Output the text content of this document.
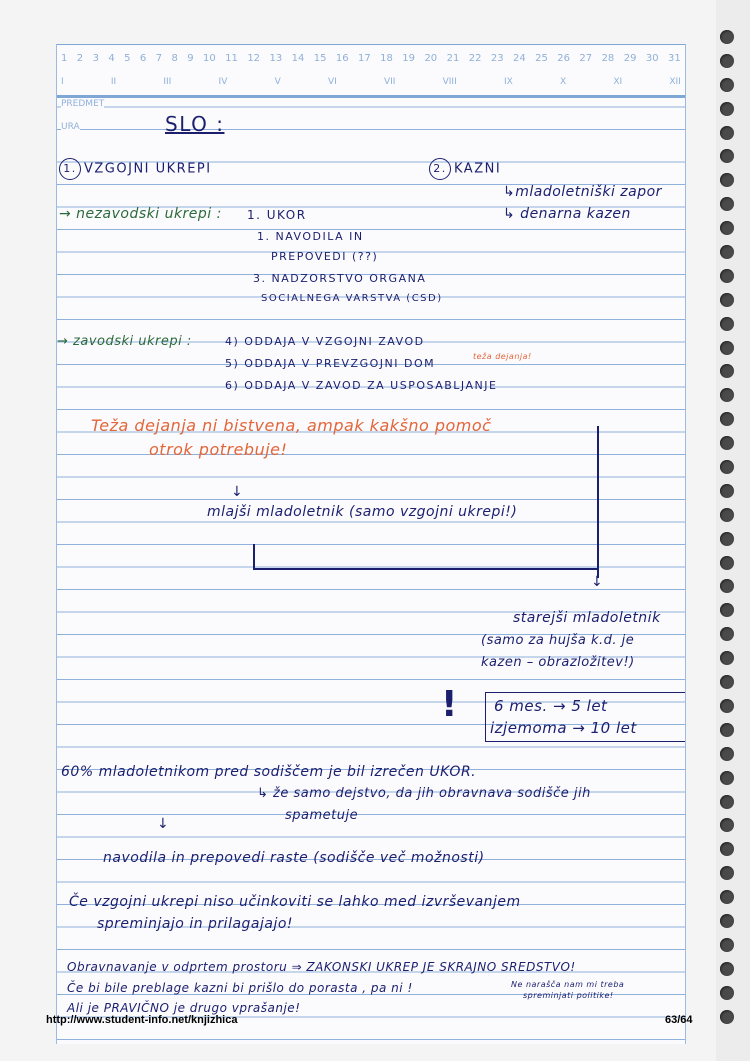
1 2 3 4 5 6 7 8 9 10 11 12 13 14 15 16 17 18 19 20 21 22 23 24 25 26 27 28 29 30 31
I	II	III	IV	V	VI	VII	VIII	IX	X	XI	XII
PREDMET
URA	SLO :
1. VZGOJNI UKREPI	2. KAZNI
↳mladoletniški zapor
↳ denarna kazen
→ nezavodski ukrepi : 1. UKOR
1. NAVODILA IN
PREPOVEDI (??)
3. NADZORSTVO ORGANA
SOCIALNEGA VARSTVA (CSD)
→ zavodski ukrepi :	4) ODDAJA V VZGOJNI ZAVOD
5) ODDAJA V PREVZGOJNI DOM
teža dejanja!
6) ODDAJA V ZAVOD ZA USPOSABLJANJE
Teža dejanja ni bistvena, ampak kakšno pomoč
otrok potrebuje!
↓
↓
mlajši mladoletnik (samo vzgojni ukrepi!)
starejši mladoletnik
(samo za hujša k.d. je
kazen – obrazložitev!)
! 6 mes. → 5 let
izjemoma → 10 let
60% mladoletnikom pred sodiščem je bil izrečen UKOR.
↳ že samo dejstvo, da jih obravnava sodišče jih
spametuje
↓
navodila in prepovedi raste (sodišče več možnosti)
Če vzgojni ukrepi niso učinkoviti se lahko med izvrševanjem
spreminjajo in prilagajajo!
Obravnavanje v odprtem prostoru ⇒ ZAKONSKI UKREP JE SKRAJNO SREDSTVO!
Če bi bile preblage kazni bi prišlo do porasta , pa ni !	Ne narašča nam mi treba
spreminjati politike!
Ali je PRAVIČNO je drugo vprašanje!
http://www.student-info.net/knjizhica	63/64
